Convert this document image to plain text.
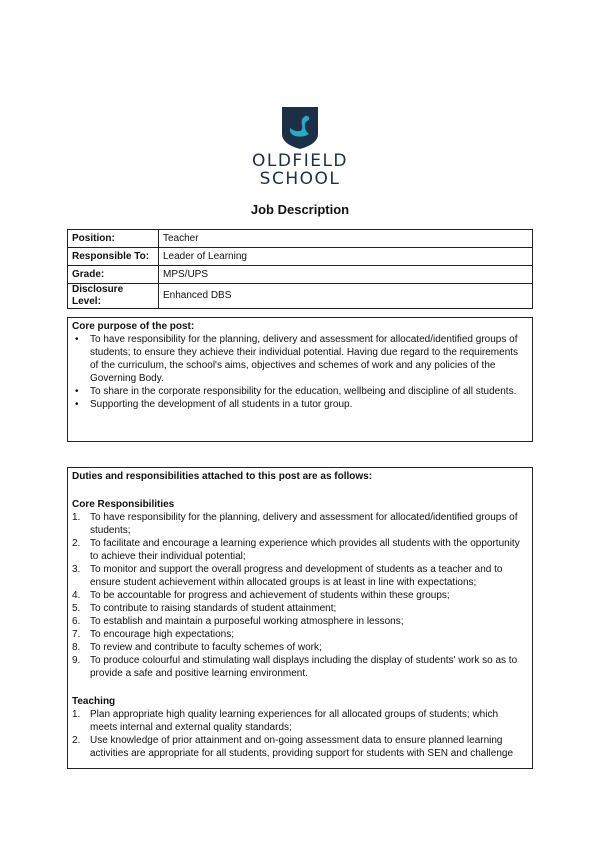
OLDFIELD
SCHOOL
Job Description
Position:	Teacher
Responsible To:	Leader of Learning
Grade:	MPS/UPS
Disclosure Level:	Enhanced DBS
Core purpose of the post:
• To have responsibility for the planning, delivery and assessment for allocated/identified groups of students; to ensure they achieve their individual potential. Having due regard to the requirements of the curriculum, the school's aims, objectives and schemes of work and any policies of the Governing Body.
• To share in the corporate responsibility for the education, wellbeing and discipline of all students.
• Supporting the development of all students in a tutor group.
Duties and responsibilities attached to this post are as follows:
Core Responsibilities
1. To have responsibility for the planning, delivery and assessment for allocated/identified groups of students;
2. To facilitate and encourage a learning experience which provides all students with the opportunity to achieve their individual potential;
3. To monitor and support the overall progress and development of students as a teacher and to ensure student achievement within allocated groups is at least in line with expectations;
4. To be accountable for progress and achievement of students within these groups;
5. To contribute to raising standards of student attainment;
6. To establish and maintain a purposeful working atmosphere in lessons;
7. To encourage high expectations;
8. To review and contribute to faculty schemes of work;
9. To produce colourful and stimulating wall displays including the display of students' work so as to provide a safe and positive learning environment.
Teaching
1. Plan appropriate high quality learning experiences for all allocated groups of students; which meets internal and external quality standards;
2. Use knowledge of prior attainment and on-going assessment data to ensure planned learning activities are appropriate for all students, providing support for students with SEN and challenge
